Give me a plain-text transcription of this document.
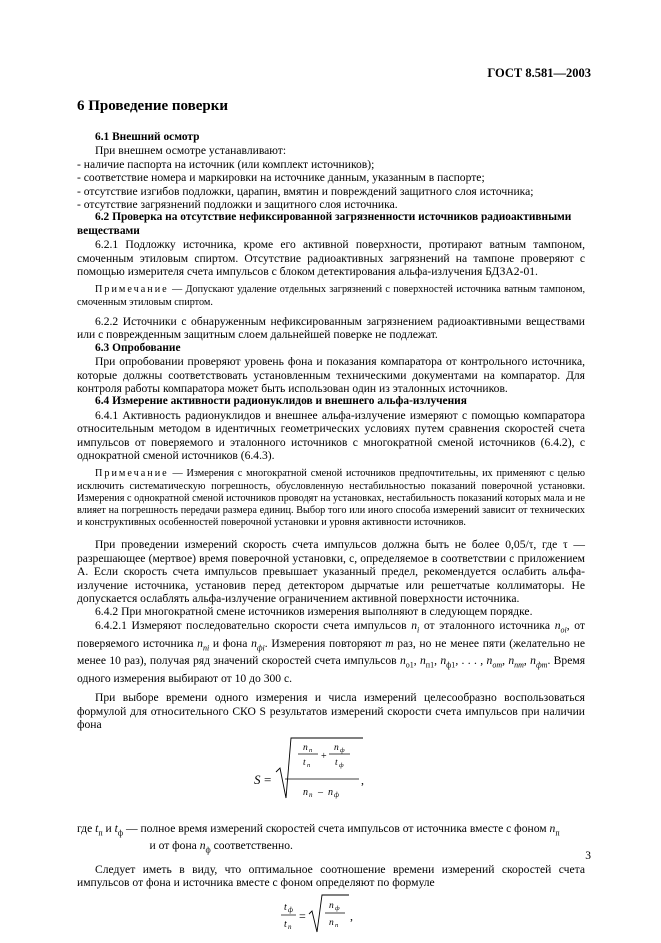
ГОСТ 8.581—2003
6 Проведение поверки
6.1 Внешний осмотр

При внешнем осмотре устанавливают:

- наличие паспорта на источник (или комплект источников);

- соответствие номера и маркировки на источнике данным, указанным в паспорте;

- отсутствие изгибов подложки, царапин, вмятин и повреждений защитного слоя источника;

- отсутствие загрязнений подложки и защитного слоя источника.

6.2 Проверка на отсутствие нефиксированной загрязненности источников радиоактивными веществами

6.2.1 Подложку источника, кроме его активной поверхности, протирают ватным тампоном, смоченным этиловым спиртом. Отсутствие радиоактивных загрязнений на тампоне проверяют с помощью измерителя счета импульсов с блоком детектирования альфа-излучения БДЗА2-01.

Примечание — Допускают удаление отдельных загрязнений с поверхностей источника ватным тампоном, смоченным этиловым спиртом.

6.2.2 Источники с обнаруженным нефиксированным загрязнением радиоактивными веществами или с поврежденным защитным слоем дальнейшей поверке не подлежат.

6.3 Опробование

При опробовании проверяют уровень фона и показания компаратора от контрольного источника, которые должны соответствовать установленным техническими документами на компаратор. Для контроля работы компаратора может быть использован один из эталонных источников.

6.4 Измерение активности радионуклидов и внешнего альфа-излучения

6.4.1 Активность радионуклидов и внешнее альфа-излучение измеряют с помощью компаратора относительным методом в идентичных геометрических условиях путем сравнения скоростей счета импульсов от поверяемого и эталонного источников с многократной сменой источников (6.4.2), с однократной сменой источников (6.4.3).

Примечание — Измерения с многократной сменой источников предпочтительны, их применяют с целью исключить систематическую погрешность, обусловленную нестабильностью показаний поверочной установки. Измерения с однократной сменой источников проводят на установках, нестабильность показаний которых мала и не влияет на погрешность передачи размера единиц. Выбор того или иного способа измерений зависит от технических и конструктивных особенностей поверочной установки и уровня активности источников.

При проведении измерений скорость счета импульсов должна быть не более 0,05/τ, где τ — разрешающее (мертвое) время поверочной установки, с, определяемое в соответствии с приложением А. Если скорость счета импульсов превышает указанный предел, рекомендуется ослабить альфа-излучение источника, установив перед детектором дырчатые или решетчатые коллиматоры. Не допускается ослаблять альфа-излучение ограничением активной поверхности источника.

6.4.2 При многократной смене источников измерения выполняют в следующем порядке.

6.4.2.1 Измеряют последовательно скорости счета импульсов $n_i$ от эталонного источника $n_{oi}$, от поверяемого источника $n_{пi}$ и фона $n_{фi}$. Измерения повторяют m раз, но не менее пяти (желательно не менее 10 раз), получая ряд значений скоростей счета импульсов $n_{o1}$, $n_{п1}$, $n_{ф1}$, . . . , $n_{om}$, $n_{пm}$, $n_{фm}$. Время одного измерения выбирают от 10 до 300 с.

При выборе времени одного измерения и числа измерений целесообразно воспользоваться формулой для относительного СКО S результатов измерений скорости счета импульсов при наличии фона

S =
n п
t п
+
n ф
t ф
n п – n ф
,

где $t_п$ и $t_ф$ — полное время измерений скоростей счета импульсов от источника вместе с фоном $n_п$
и от фона $n_ф$ соответственно.

Следует иметь в виду, что оптимальное соотношение времени измерений скоростей счета импульсов от фона и источника вместе с фоном определяют по формуле

t ф
t п
=
n ф
n п
,
3
